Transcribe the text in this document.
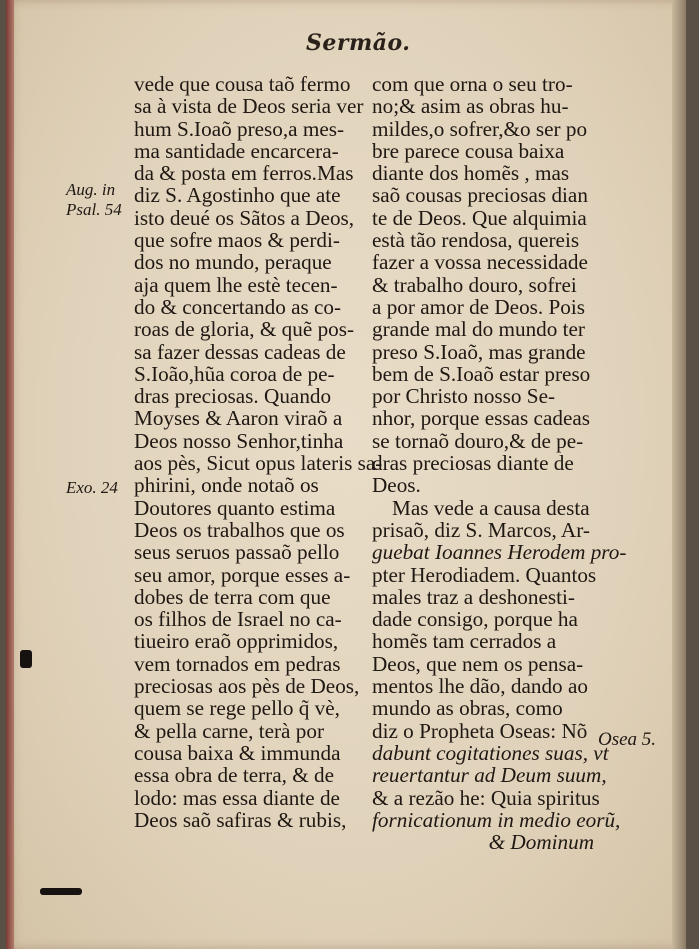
Sermão.
Aug. in
Psal. 54
Exo. 24
Osea 5.
vede que cousa taõ fermo
sa à vista de Deos seria ver
hum S.Ioaõ preso,a mes-
ma santidade encarcera-
da & posta em ferros.Mas
diz S. Agostinho que ate
isto deué os Sãtos a Deos,
que sofre maos & perdi-
dos no mundo, peraque
aja quem lhe estè tecen-
do & concertando as co-
roas de gloria, & quẽ pos-
sa fazer dessas cadeas de
S.Ioão,hũa coroa de pe-
dras preciosas. Quando
Moyses & Aaron viraõ a
Deos nosso Senhor,tinha
aos pès, Sicut opus lateris sa-
phirini, onde notaõ os
Doutores quanto estima
Deos os trabalhos que os
seus seruos passaõ pello
seu amor, porque esses a-
dobes de terra com que
os filhos de Israel no ca-
tiueiro eraõ opprimidos,
vem tornados em pedras
preciosas aos pès de Deos,
quem se rege pello q̃ vè,
& pella carne, terà por
cousa baixa & immunda
essa obra de terra, & de
lodo: mas essa diante de
Deos saõ safiras & rubis,
com que orna o seu tro-
no;& asim as obras hu-
mildes,o sofrer,&o ser po
bre parece cousa baixa
diante dos homẽs , mas
saõ cousas preciosas dian
te de Deos. Que alquimia
està tão rendosa, quereis
fazer a vossa necessidade
& trabalho douro, sofrei
a por amor de Deos. Pois
grande mal do mundo ter
preso S.Ioaõ, mas grande
bem de S.Ioaõ estar preso
por Christo nosso Se-
nhor, porque essas cadeas
se tornaõ douro,& de pe-
dras preciosas diante de
Deos.
Mas vede a causa desta
prisaõ, diz S. Marcos, Ar-
guebat Ioannes Herodem pro-
pter Herodiadem. Quantos
males traz a deshonesti-
dade consigo, porque ha
homẽs tam cerrados a
Deos, que nem os pensa-
mentos lhe dão, dando ao
mundo as obras, como
diz o Propheta Oseas: Nõ
dabunt cogitationes suas, vt
reuertantur ad Deum suum,
& a rezão he: Quia spiritus
fornicationum in medio eorũ,
& Dominum
